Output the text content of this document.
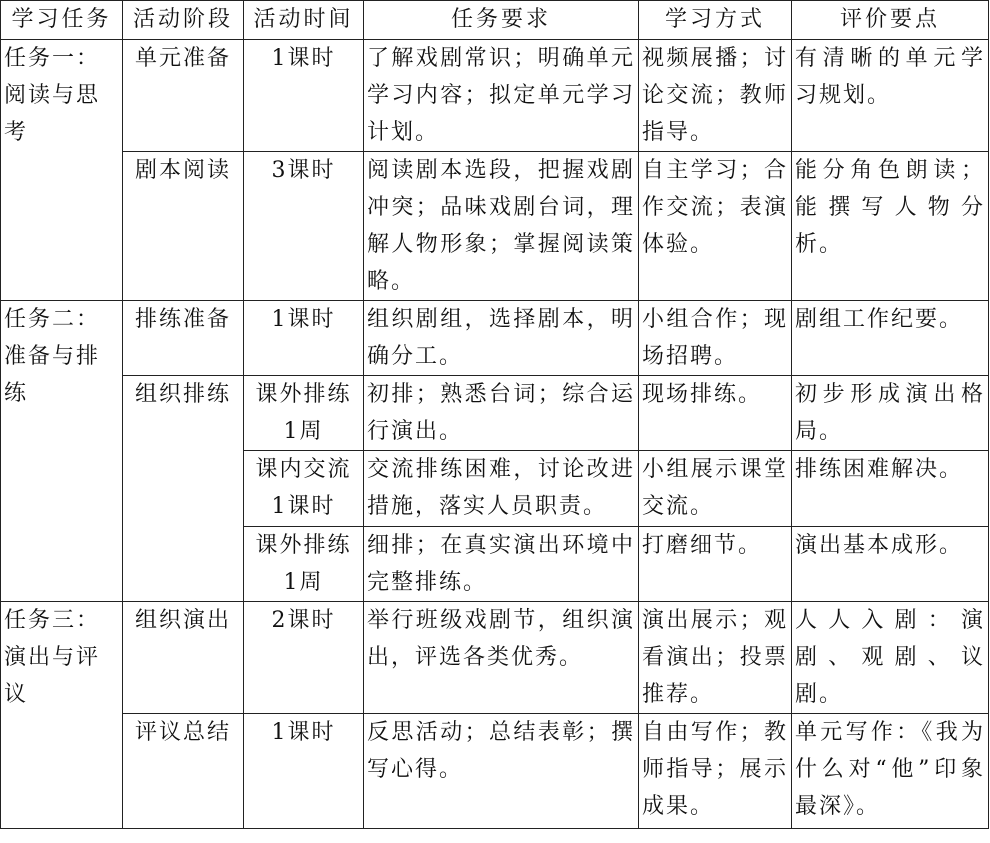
学习任务	活动阶段	活动时间	任务要求	学习方式	评价要点

任务一：
阅读与思
考	单元准备	1课时	了解戏剧常识；明确单元学习内容；拟定单元学习计划。	视频展播；讨论交流；教师指导。	有清晰的单元学习规划。
	剧本阅读	3课时	阅读剧本选段，把握戏剧冲突；品味戏剧台词，理解人物形象；掌握阅读策略。	自主学习；合作交流；表演体验。	能分角色朗读；能撰写人物分析。

任务二：
准备与排
练	排练准备	1课时	组织剧组，选择剧本，明确分工。	小组合作；现场招聘。	剧组工作纪要。
	组织排练	课外排练
1周	初排；熟悉台词；综合运行演出。	现场排练。	初步形成演出格局。

		课内交流
1课时	交流排练困难，讨论改进措施，落实人员职责。	小组展示课堂交流。	排练困难解决。

		课外排练
1周	细排；在真实演出环境中完整排练。	打磨细节。	演出基本成形。

任务三：
演出与评
议	组织演出	2课时	举行班级戏剧节，组织演出，评选各类优秀。	演出展示；观看演出；投票推荐。	人人入剧：演剧、观剧、议剧。
	评议总结	1课时	反思活动；总结表彰；撰写心得。	自由写作；教师指导；展示成果。	单元写作：《我为什么对“他”印象最深》。
